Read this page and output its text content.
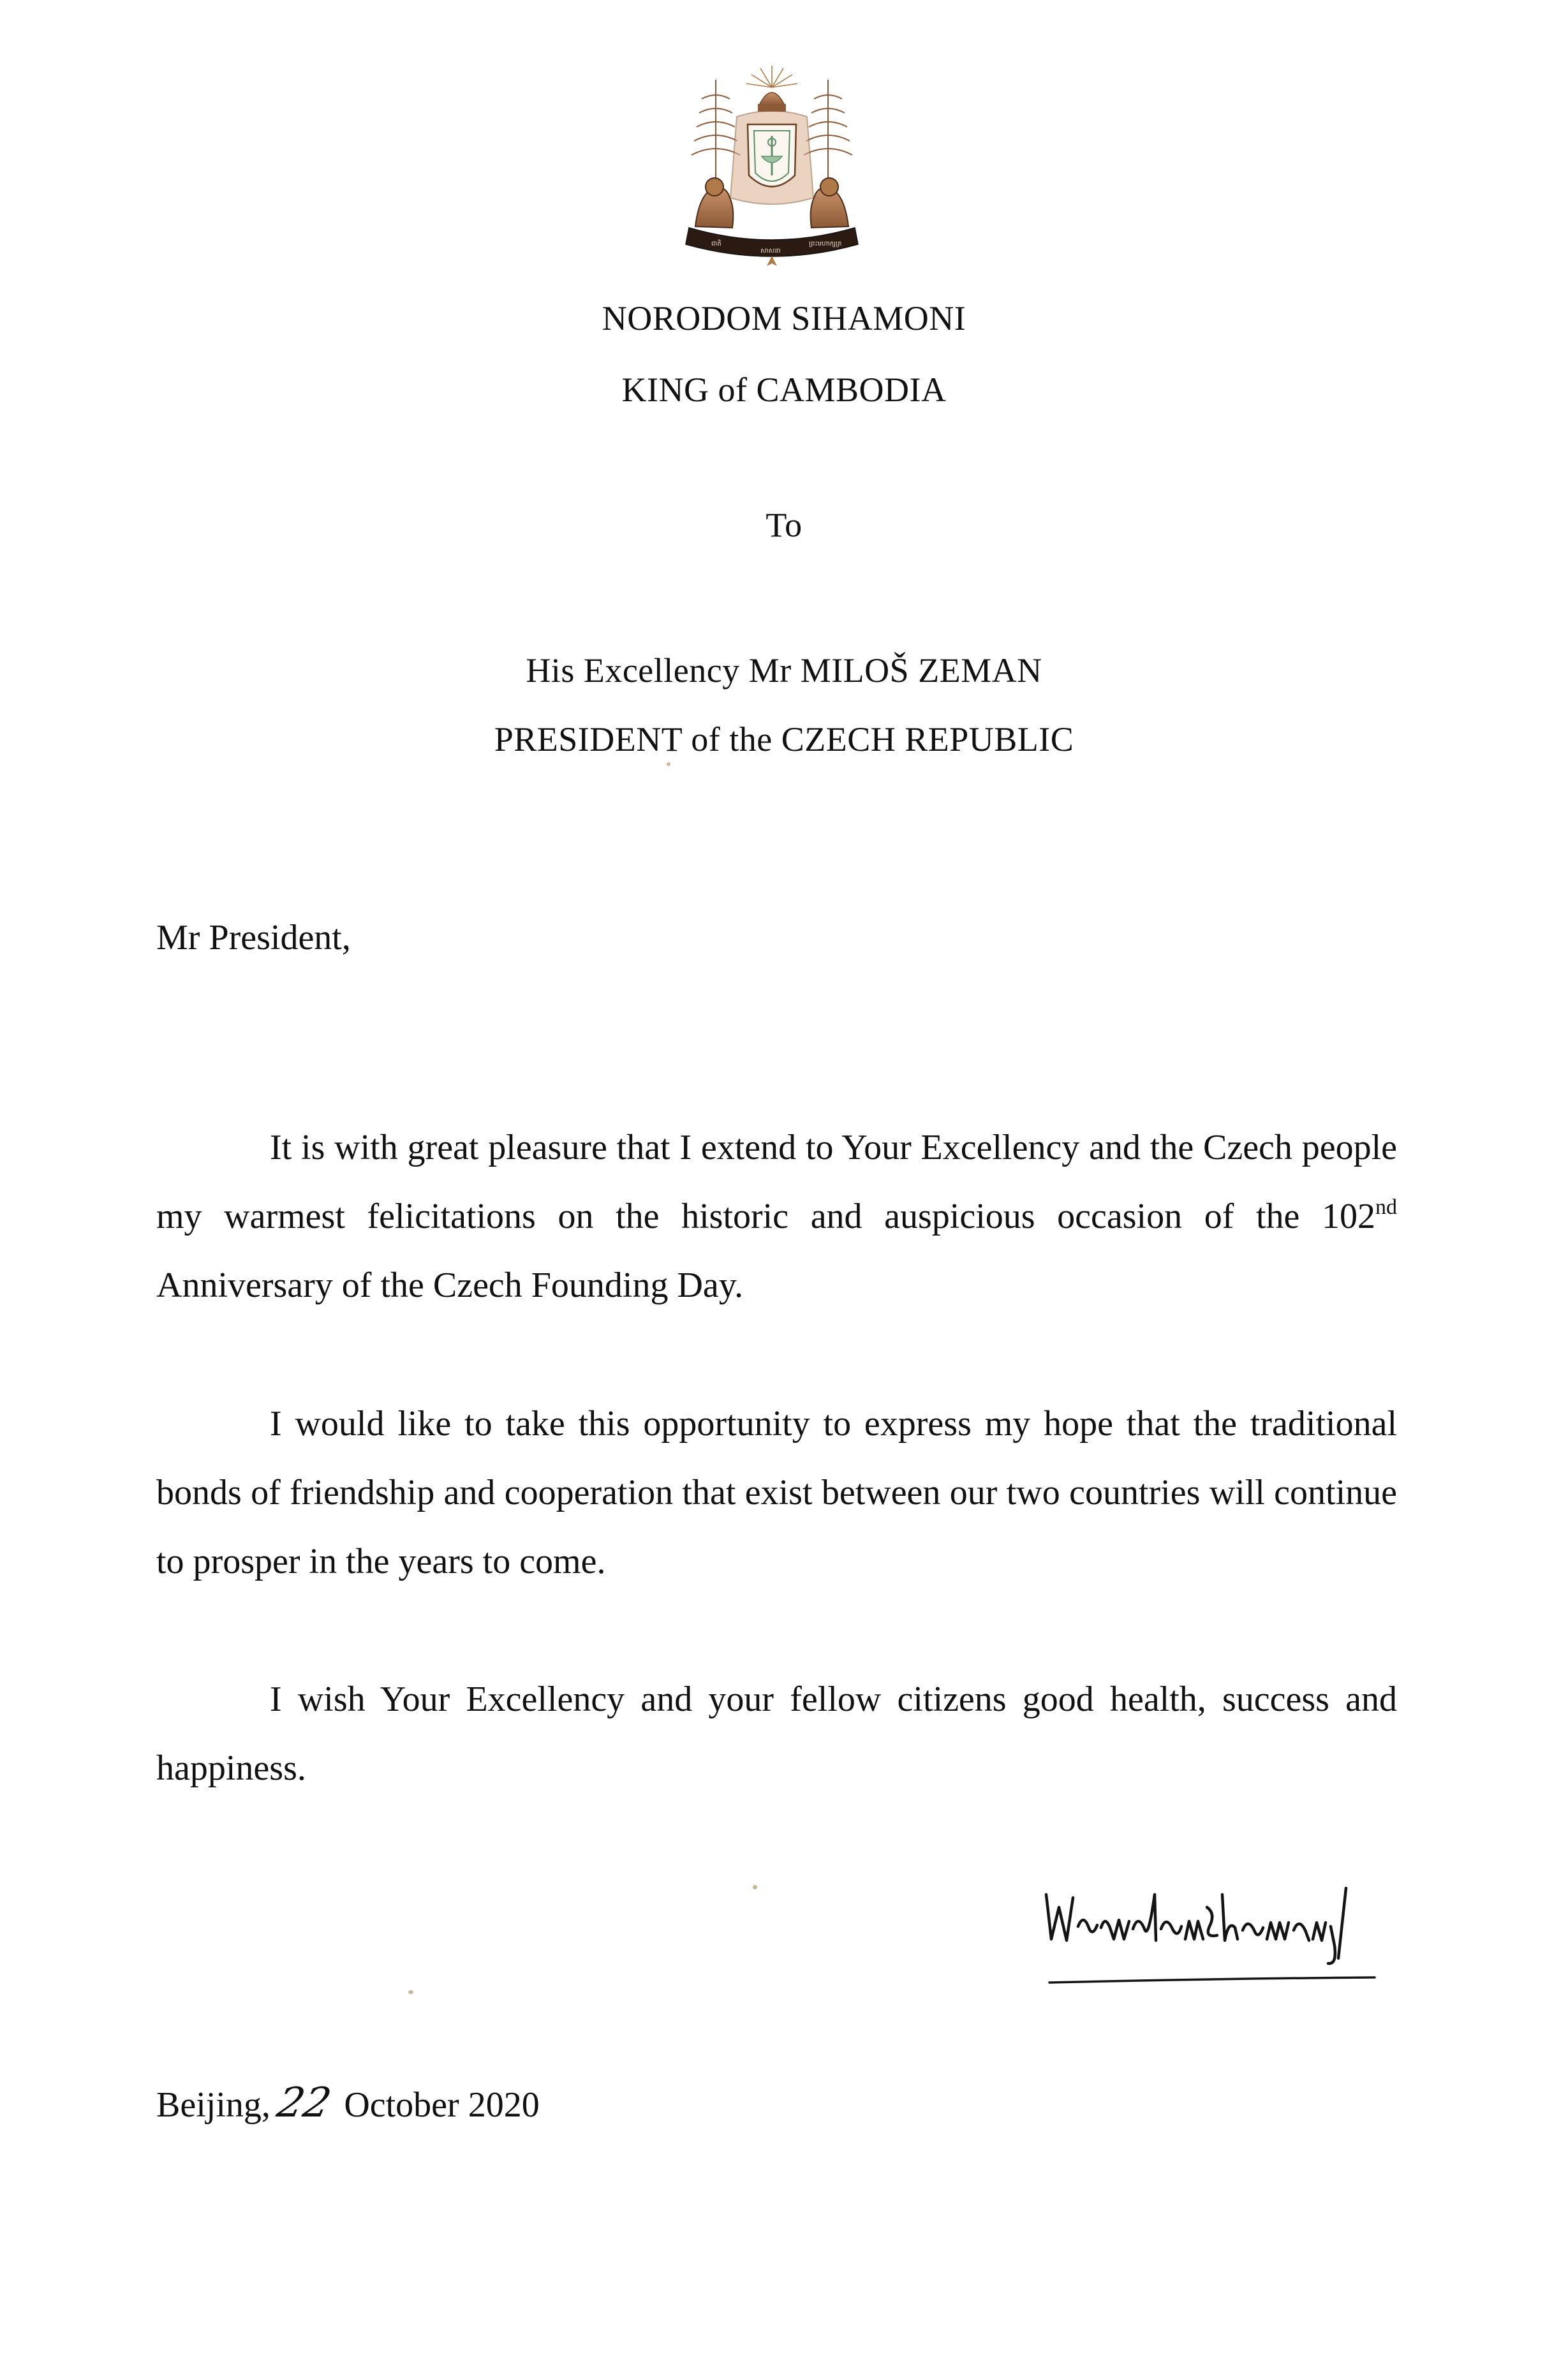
ជាតិ
សាសនា
ព្រះមហាក្សត្រ
NORODOM SIHAMONI
KING of CAMBODIA
To
His Excellency Mr MILOŠ ZEMAN
PRESIDENT of the CZECH REPUBLIC
Mr President,
It is with great pleasure that I extend to Your Excellency and the Czech people my warmest felicitations on the historic and auspicious occasion of the 102nd Anniversary of the Czech Founding Day.
I would like to take this opportunity to express my hope that the traditional bonds of friendship and cooperation that exist between our two countries will continue to prosper in the years to come.
I wish Your Excellency and your fellow citizens good health, success and happiness.
Beijing,22 October 2020
